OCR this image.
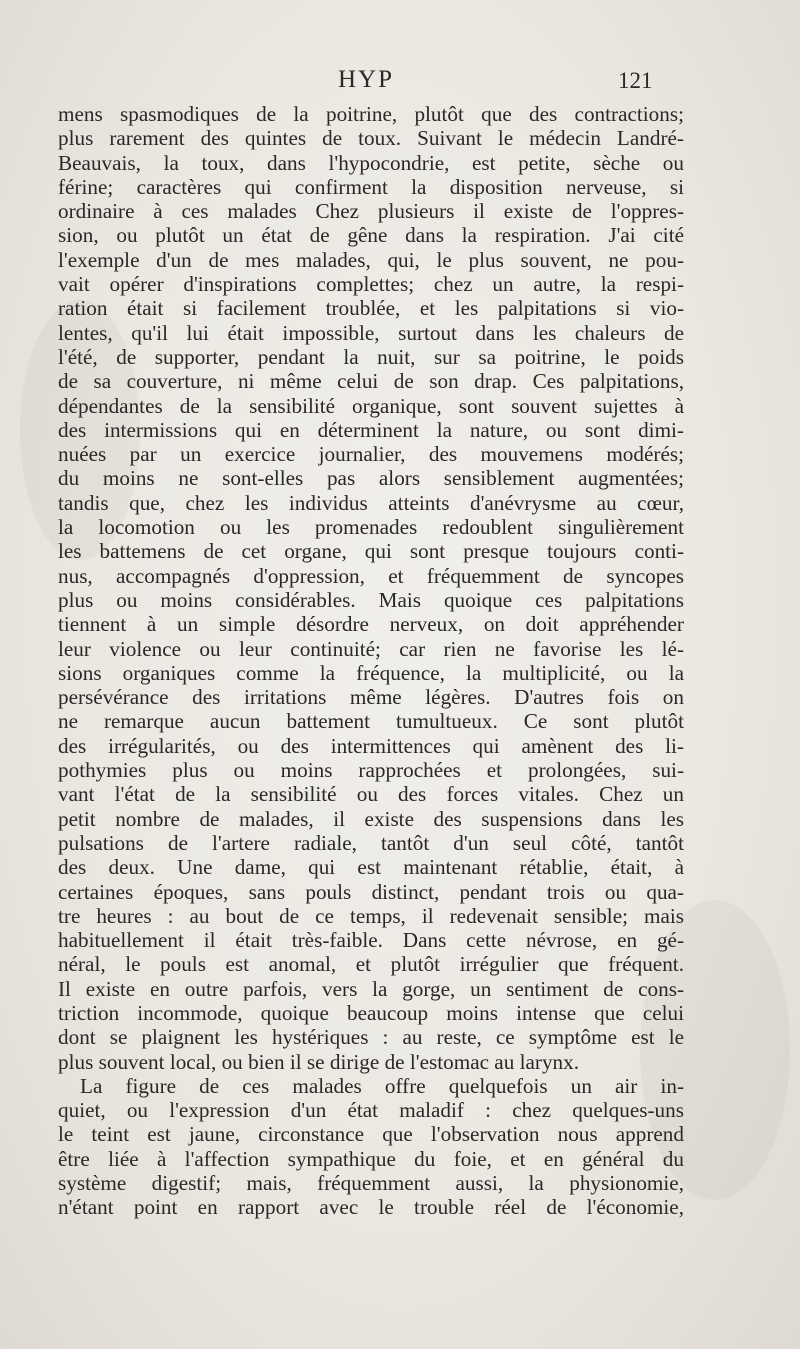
HYP	121
mens spasmodiques de la poitrine, plutôt que des contractions;
plus rarement des quintes de toux. Suivant le médecin Landré-
Beauvais, la toux, dans l'hypocondrie, est petite, sèche ou
férine; caractères qui confirment la disposition nerveuse, si
ordinaire à ces malades Chez plusieurs il existe de l'oppres-
sion, ou plutôt un état de gêne dans la respiration. J'ai cité
l'exemple d'un de mes malades, qui, le plus souvent, ne pou-
vait opérer d'inspirations complettes; chez un autre, la respi-
ration était si facilement troublée, et les palpitations si vio-
lentes, qu'il lui était impossible, surtout dans les chaleurs de
l'été, de supporter, pendant la nuit, sur sa poitrine, le poids
de sa couverture, ni même celui de son drap. Ces palpitations,
dépendantes de la sensibilité organique, sont souvent sujettes à
des intermissions qui en déterminent la nature, ou sont dimi-
nuées par un exercice journalier, des mouvemens modérés;
du moins ne sont-elles pas alors sensiblement augmentées;
tandis que, chez les individus atteints d'anévrysme au cœur,
la locomotion ou les promenades redoublent singulièrement
les battemens de cet organe, qui sont presque toujours conti-
nus, accompagnés d'oppression, et fréquemment de syncopes
plus ou moins considérables. Mais quoique ces palpitations
tiennent à un simple désordre nerveux, on doit appréhender
leur violence ou leur continuité; car rien ne favorise les lé-
sions organiques comme la fréquence, la multiplicité, ou la
persévérance des irritations même légères. D'autres fois on
ne remarque aucun battement tumultueux. Ce sont plutôt
des irrégularités, ou des intermittences qui amènent des li-
pothymies plus ou moins rapprochées et prolongées, sui-
vant l'état de la sensibilité ou des forces vitales. Chez un
petit nombre de malades, il existe des suspensions dans les
pulsations de l'artere radiale, tantôt d'un seul côté, tantôt
des deux. Une dame, qui est maintenant rétablie, était, à
certaines époques, sans pouls distinct, pendant trois ou qua-
tre heures : au bout de ce temps, il redevenait sensible; mais
habituellement il était très-faible. Dans cette névrose, en gé-
néral, le pouls est anomal, et plutôt irrégulier que fréquent.
Il existe en outre parfois, vers la gorge, un sentiment de cons-
triction incommode, quoique beaucoup moins intense que celui
dont se plaignent les hystériques : au reste, ce symptôme est le
plus souvent local, ou bien il se dirige de l'estomac au larynx.
La figure de ces malades offre quelquefois un air in-
quiet, ou l'expression d'un état maladif : chez quelques-uns
le teint est jaune, circonstance que l'observation nous apprend
être liée à l'affection sympathique du foie, et en général du
système digestif; mais, fréquemment aussi, la physionomie,
n'étant point en rapport avec le trouble réel de l'économie,
